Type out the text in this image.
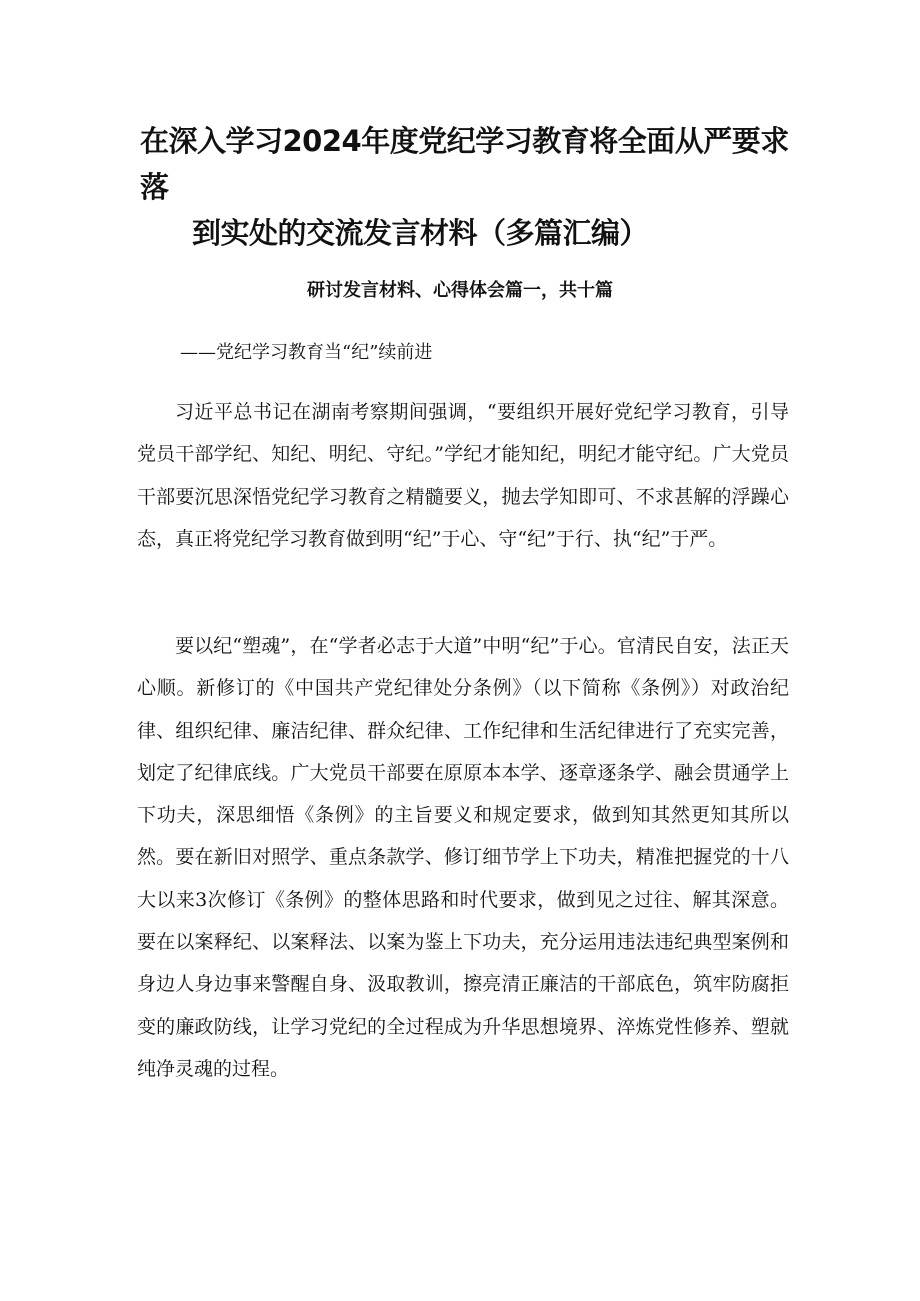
在深入学习2024年度党纪学习教育将全面从严要求落
到实处的交流发言材料（多篇汇编）

研讨发言材料、心得体会篇一，共十篇

——党纪学习教育当“纪”续前进

习近平总书记在湖南考察期间强调，“要组织开展好党纪学习教育，引导党员干部学纪、知纪、明纪、守纪。”学纪才能知纪，明纪才能守纪。广大党员干部要沉思深悟党纪学习教育之精髓要义，抛去学知即可、不求甚解的浮躁心态，真正将党纪学习教育做到明“纪”于心、守“纪”于行、执“纪”于严。

要以纪“塑魂”，在“学者必志于大道”中明“纪”于心。官清民自安，法正天心顺。新修订的《中国共产党纪律处分条例》（以下简称《条例》）对政治纪律、组织纪律、廉洁纪律、群众纪律、工作纪律和生活纪律进行了充实完善，划定了纪律底线。广大党员干部要在原原本本学、逐章逐条学、融会贯通学上下功夫，深思细悟《条例》的主旨要义和规定要求，做到知其然更知其所以然。要在新旧对照学、重点条款学、修订细节学上下功夫，精准把握党的十八大以来3次修订《条例》的整体思路和时代要求，做到见之过往、解其深意。要在以案释纪、以案释法、以案为鉴上下功夫，充分运用违法违纪典型案例和身边人身边事来警醒自身、汲取教训，擦亮清正廉洁的干部底色，筑牢防腐拒变的廉政防线，让学习党纪的全过程成为升华思想境界、淬炼党性修养、塑就纯净灵魂的过程。
